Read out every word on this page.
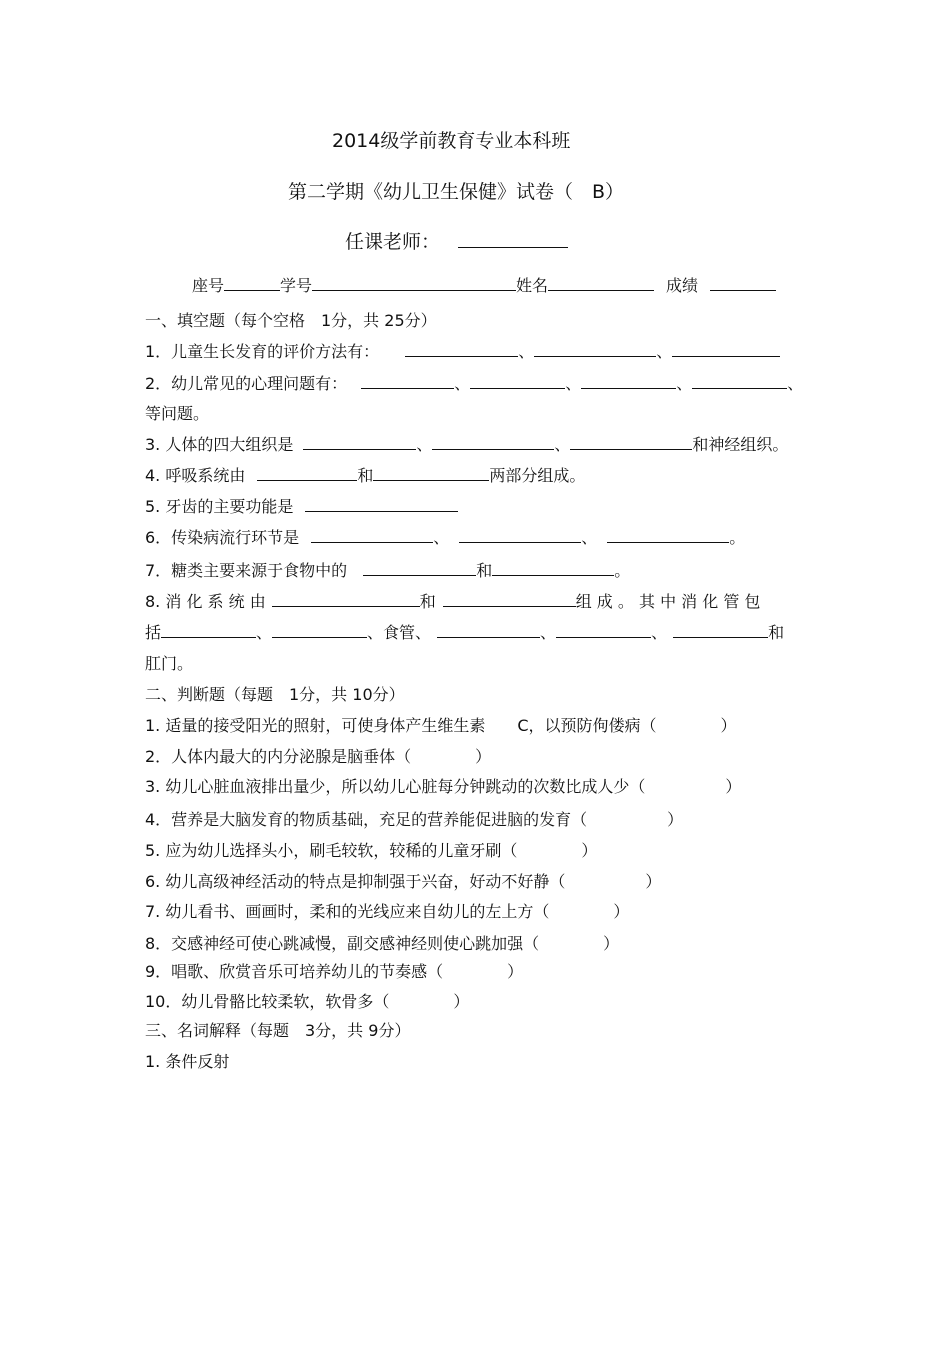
2014级学前教育专业本科班
第二学期《幼儿卫生保健》试卷（　B）
任课老师：
座号	学号	姓名	成绩
一、填空题（每个空格　1分，共 25分）
1．儿童生长发育的评价方法有：	、	、
2．幼儿常见的心理问题有：	、	、	、	、
等问题。
3. 人体的四大组织是	、	、	和神经组织。
4. 呼吸系统由	和	两部分组成。
5. 牙齿的主要功能是
6．传染病流行环节是	、	、	。
7．糖类主要来源于食物中的	和	。
8. 消 化 系 统 由	和	组 成 。 其 中 消 化 管 包
括	、	、食管、	、	、	和
肛门。
二、判断题（每题　1分，共 10分）
1. 适量的接受阳光的照射，可使身体产生维生素　　C，以预防佝偻病（　　　　）
2．人体内最大的内分泌腺是脑垂体（　　　　）
3. 幼儿心脏血液排出量少，所以幼儿心脏每分钟跳动的次数比成人少（　　　　　）
4．营养是大脑发育的物质基础，充足的营养能促进脑的发育（　　　　　）
5. 应为幼儿选择头小，刷毛较软，较稀的儿童牙刷（　　　　）
6. 幼儿高级神经活动的特点是抑制强于兴奋，好动不好静（　　　　　）
7. 幼儿看书、画画时，柔和的光线应来自幼儿的左上方（　　　　）
8．交感神经可使心跳减慢，副交感神经则使心跳加强（　　　　）
9．唱歌、欣赏音乐可培养幼儿的节奏感（　　　　）
10．幼儿骨骼比较柔软，软骨多（　　　　）
三、名词解释（每题　3分，共 9分）
1. 条件反射
